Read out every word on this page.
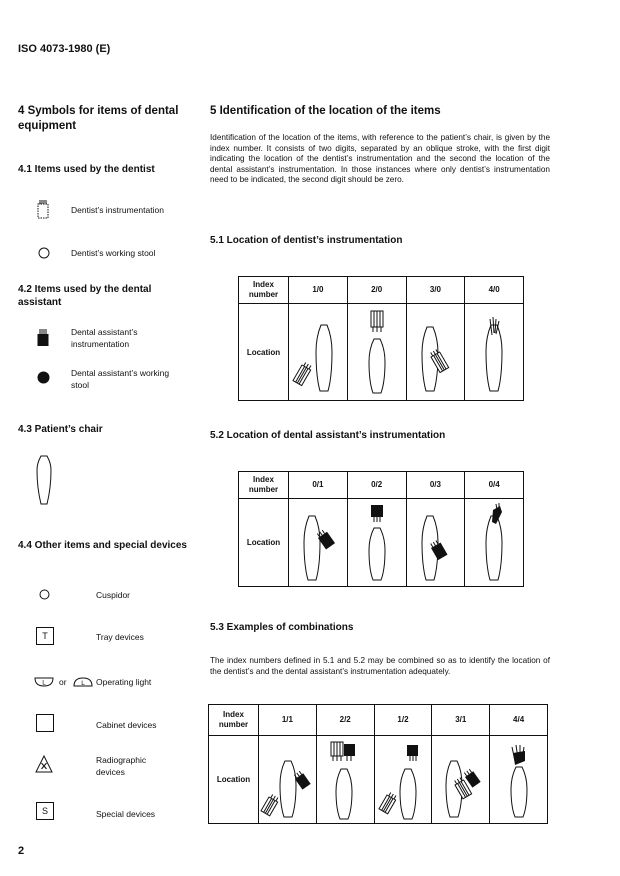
ISO 4073-1980 (E)
4 Symbols for items of dental equipment
4.1 Items used by the dentist
Dentist’s instrumentation
Dentist’s working stool
4.2 Items used by the dental assistant
Dental assistant’s instrumentation
Dental assistant’s working stool
4.3 Patient’s chair
4.4 Other items and special devices
Cuspidor
T	Tray devices
L or L Operating light
Cabinet devices
Radiographic devices
S	Special devices
2
5 Identification of the location of the items
Identification of the location of the items, with reference to the patient’s chair, is given by the index number. It consists of two digits, separated by an oblique stroke, with the first digit indicating the location of the dentist’s instrumentation and the second the location of the dental assistant’s instrumentation. In those instances where only dentist’s instrumentation need to be indicated, the second digit should be zero.
5.1 Location of dentist’s instrumentation
Index number	1/0	2/0	3/0	4/0
Location	

5.2 Location of dental assistant’s instrumentation
Index number	0/1	0/2	0/3	0/4
Location	

5.3 Examples of combinations
The index numbers defined in 5.1 and 5.2 may be combined so as to identify the location of the dentist’s and the dental assistant’s instrumentation adequately.
Index number	1/1	2/2	1/2	3/1	4/4
Location	
